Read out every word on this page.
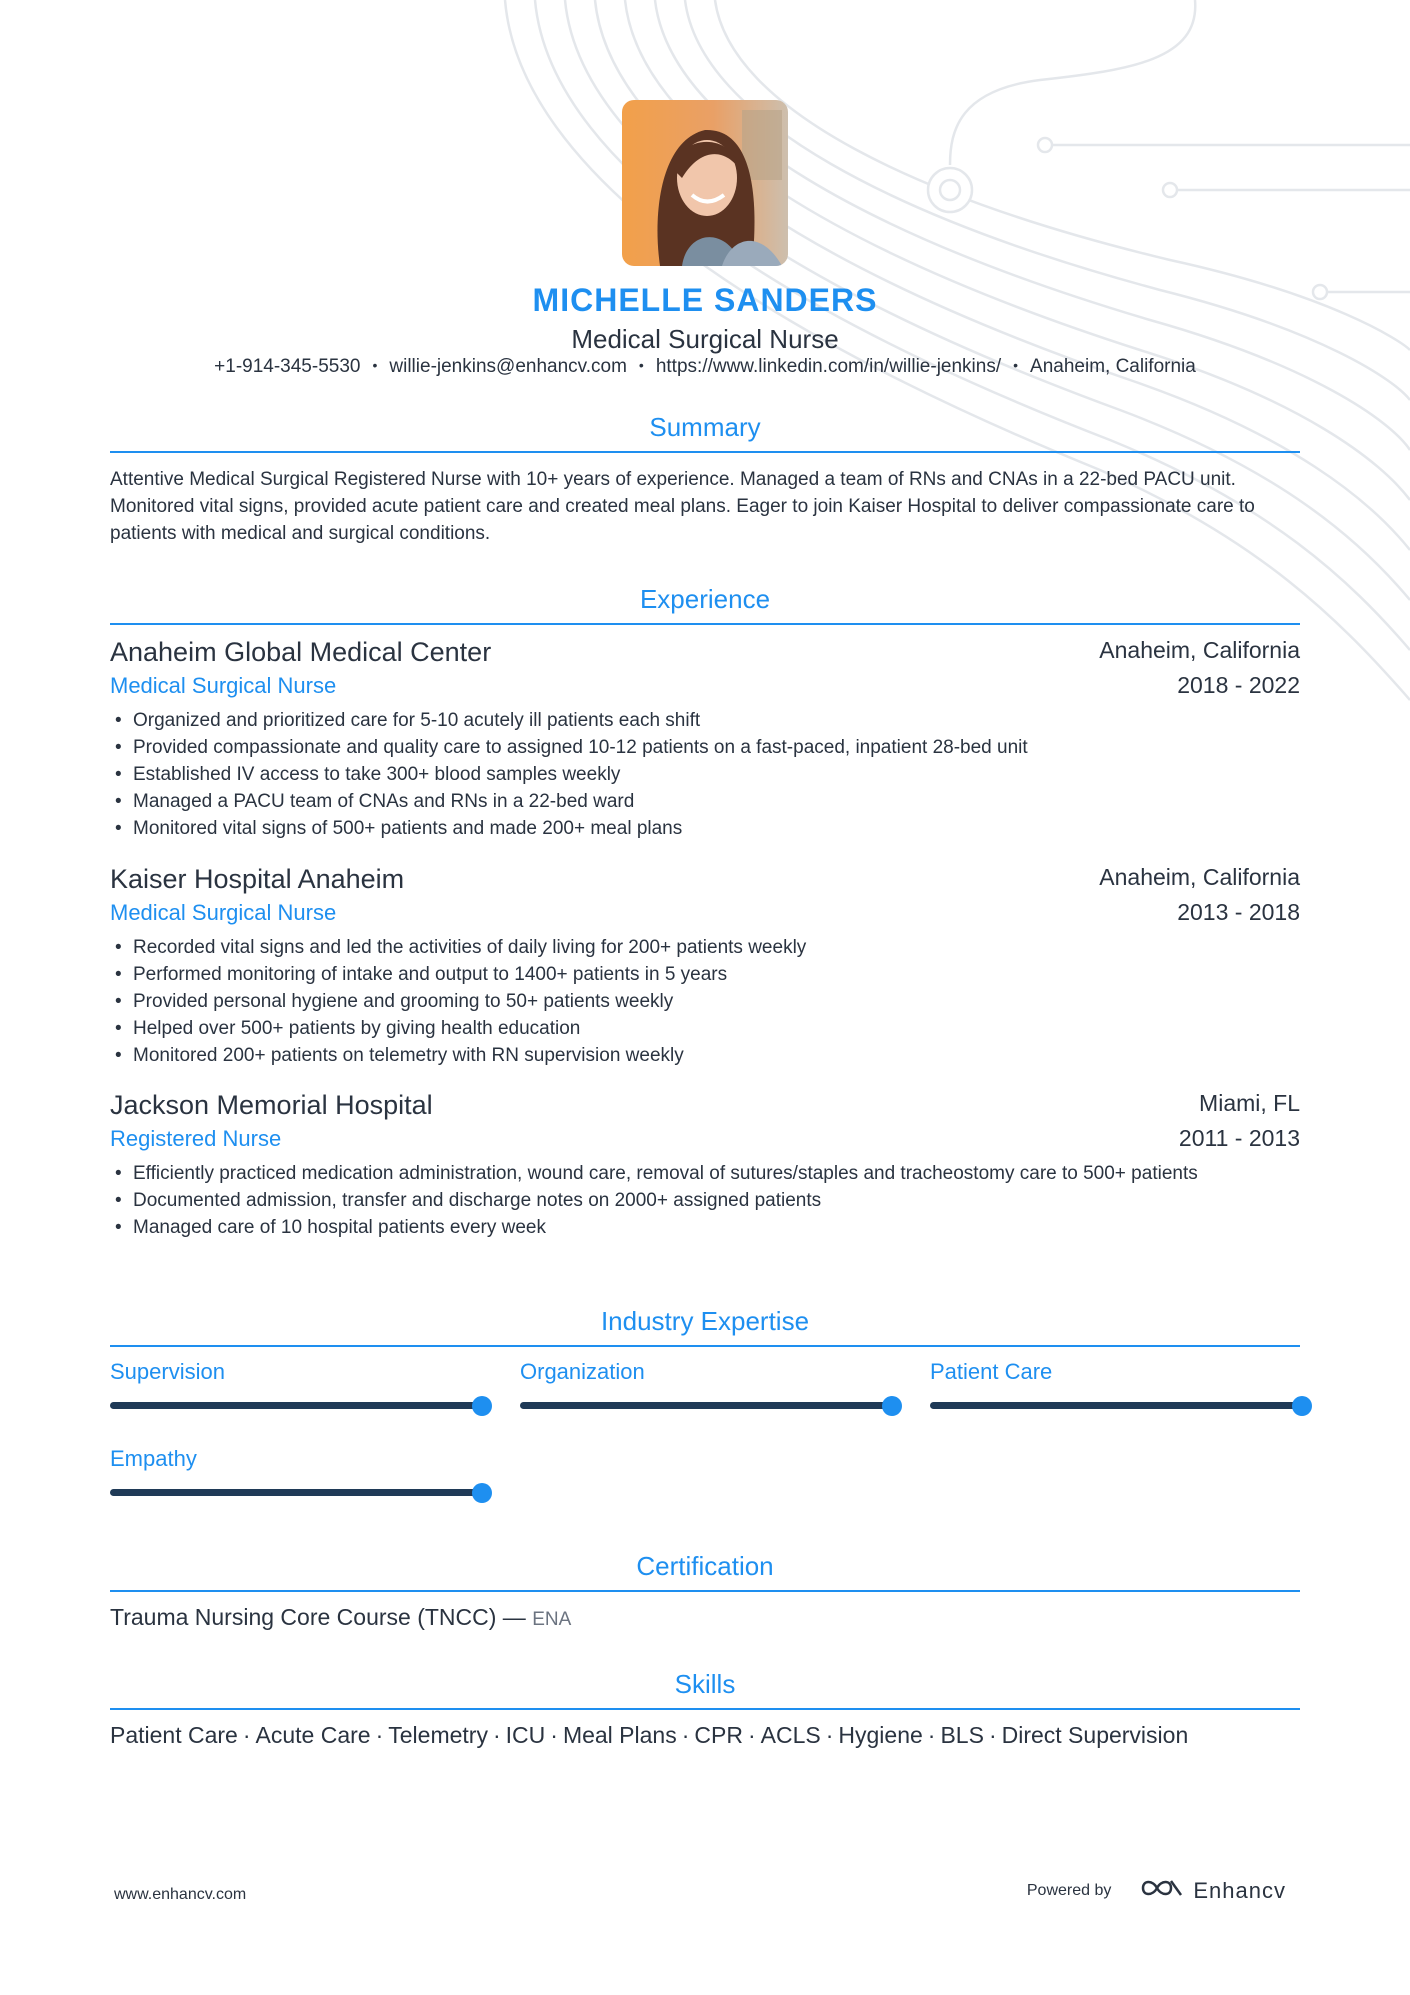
MICHELLE SANDERS
Medical Surgical Nurse
+1-914-345-5530 • willie-jenkins@enhancv.com • https://www.linkedin.com/in/willie-jenkins/ • Anaheim, California
Summary
Attentive Medical Surgical Registered Nurse with 10+ years of experience. Managed a team of RNs and CNAs in a 22-bed PACU unit. Monitored vital signs, provided acute patient care and created meal plans. Eager to join Kaiser Hospital to deliver compassionate care to patients with medical and surgical conditions.
Experience
Anaheim Global Medical Center	Anaheim, California
Medical Surgical Nurse	2018 - 2022
• Organized and prioritized care for 5-10 acutely ill patients each shift
• Provided compassionate and quality care to assigned 10-12 patients on a fast-paced, inpatient 28-bed unit
• Established IV access to take 300+ blood samples weekly
• Managed a PACU team of CNAs and RNs in a 22-bed ward
• Monitored vital signs of 500+ patients and made 200+ meal plans
Kaiser Hospital Anaheim	Anaheim, California
Medical Surgical Nurse	2013 - 2018
• Recorded vital signs and led the activities of daily living for 200+ patients weekly
• Performed monitoring of intake and output to 1400+ patients in 5 years
• Provided personal hygiene and grooming to 50+ patients weekly
• Helped over 500+ patients by giving health education
• Monitored 200+ patients on telemetry with RN supervision weekly
Jackson Memorial Hospital	Miami, FL
Registered Nurse	2011 - 2013
• Efficiently practiced medication administration, wound care, removal of sutures/staples and tracheostomy care to 500+ patients
• Documented admission, transfer and discharge notes on 2000+ assigned patients
• Managed care of 10 hospital patients every week
Industry Expertise
Supervision	Organization	Patient Care
Empathy
Certification
Trauma Nursing Core Course (TNCC) — ENA
Skills
Patient Care · Acute Care · Telemetry · ICU · Meal Plans · CPR · ACLS · Hygiene · BLS · Direct Supervision
www.enhancv.com	Powered by	Enhancv
